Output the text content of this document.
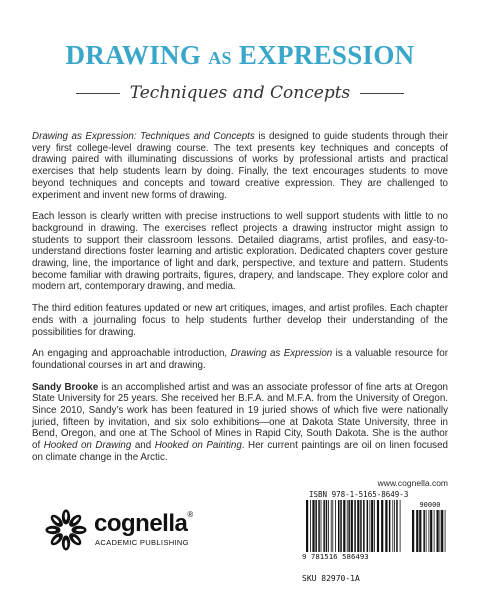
DRAWING AS EXPRESSION
Techniques and Concepts

Drawing as Expression: Techniques and Concepts is designed to guide students through their very first college-level drawing course. The text presents key techniques and concepts of drawing paired with illuminating discussions of works by professional artists and practical exercises that help students learn by doing. Finally, the text encourages students to move beyond techniques and concepts and toward creative expression. They are challenged to experiment and invent new forms of drawing.

Each lesson is clearly written with precise instructions to well support students with little to no background in drawing. The exercises reflect projects a drawing instructor might assign to students to support their classroom lessons. Detailed diagrams, artist profiles, and easy-to-understand directions foster learning and artistic exploration. Dedicated chapters cover gesture drawing, line, the importance of light and dark, perspective, and texture and pattern. Students become familiar with drawing portraits, figures, drapery, and landscape. They explore color and modern art, contemporary drawing, and media.

The third edition features updated or new art critiques, images, and artist profiles. Each chapter ends with a journaling focus to help students further develop their understanding of the possibilities for drawing.

An engaging and approachable introduction, Drawing as Expression is a valuable resource for foundational courses in art and drawing.

Sandy Brooke is an accomplished artist and was an associate professor of fine arts at Oregon State University for 25 years. She received her B.F.A. and M.F.A. from the University of Oregon. Since 2010, Sandy’s work has been featured in 19 juried shows of which five were nationally juried, fifteen by invitation, and six solo exhibitions—one at Dakota State University, three in Bend, Oregon, and one at The School of Mines in Rapid City, South Dakota. She is the author of Hooked on Drawing and Hooked on Painting. Her current paintings are oil on linen focused on climate change in the Arctic.

www.cognella.com
cognella®
ACADEMIC PUBLISHING
ISBN 978-1-5165-8649-3
90000
9 781516 586493
SKU 82970-1A
